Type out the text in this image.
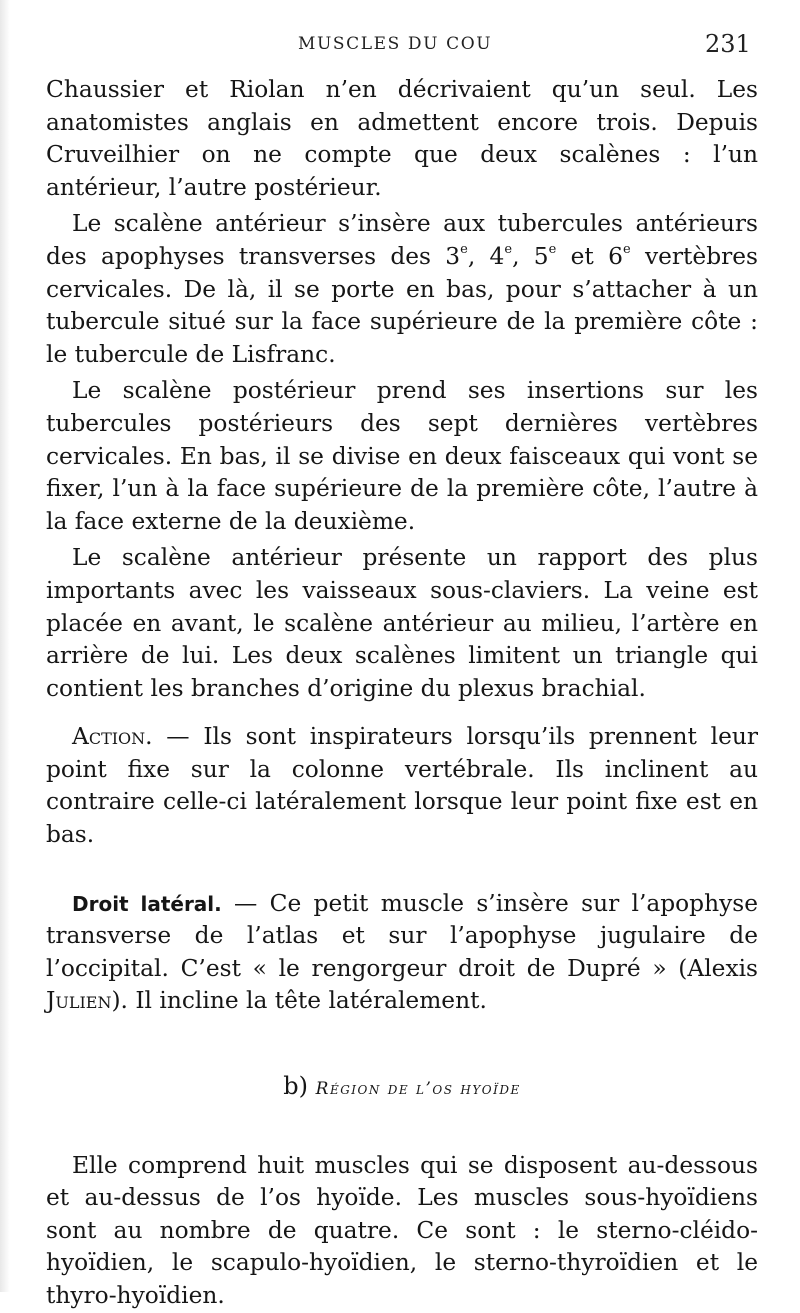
MUSCLES DU COU	231

Chaussier et Riolan n’en décrivaient qu’un seul. Les anatomistes anglais en admettent encore trois. Depuis Cruveilhier on ne compte que deux scalènes : l’un antérieur, l’autre postérieur.

Le scalène antérieur s’insère aux tubercules antérieurs des apophyses transverses des 3e, 4e, 5e et 6e vertèbres cervicales. De là, il se porte en bas, pour s’attacher à un tubercule situé sur la face supérieure de la première côte : le tubercule de Lisfranc.

Le scalène postérieur prend ses insertions sur les tubercules postérieurs des sept dernières vertèbres cervicales. En bas, il se divise en deux faisceaux qui vont se fixer, l’un à la face supérieure de la première côte, l’autre à la face externe de la deuxième.

Le scalène antérieur présente un rapport des plus importants avec les vaisseaux sous-claviers. La veine est placée en avant, le scalène antérieur au milieu, l’artère en arrière de lui. Les deux scalènes limitent un triangle qui contient les branches d’origine du plexus brachial.

Action. — Ils sont inspirateurs lorsqu’ils prennent leur point fixe sur la colonne vertébrale. Ils inclinent au contraire celle-ci latéralement lorsque leur point fixe est en bas.

Droit latéral. — Ce petit muscle s’insère sur l’apophyse transverse de l’atlas et sur l’apophyse jugulaire de l’occipital. C’est « le rengorgeur droit de Dupré » (Alexis Julien). Il incline la tête latéralement.

b) Région de l’os hyoïde

Elle comprend huit muscles qui se disposent au-dessous et au-dessus de l’os hyoïde. Les muscles sous-hyoïdiens sont au nombre de quatre. Ce sont : le sterno-cléido-hyoïdien, le scapulo-hyoïdien, le sterno-thyroïdien et le thyro-hyoïdien.
